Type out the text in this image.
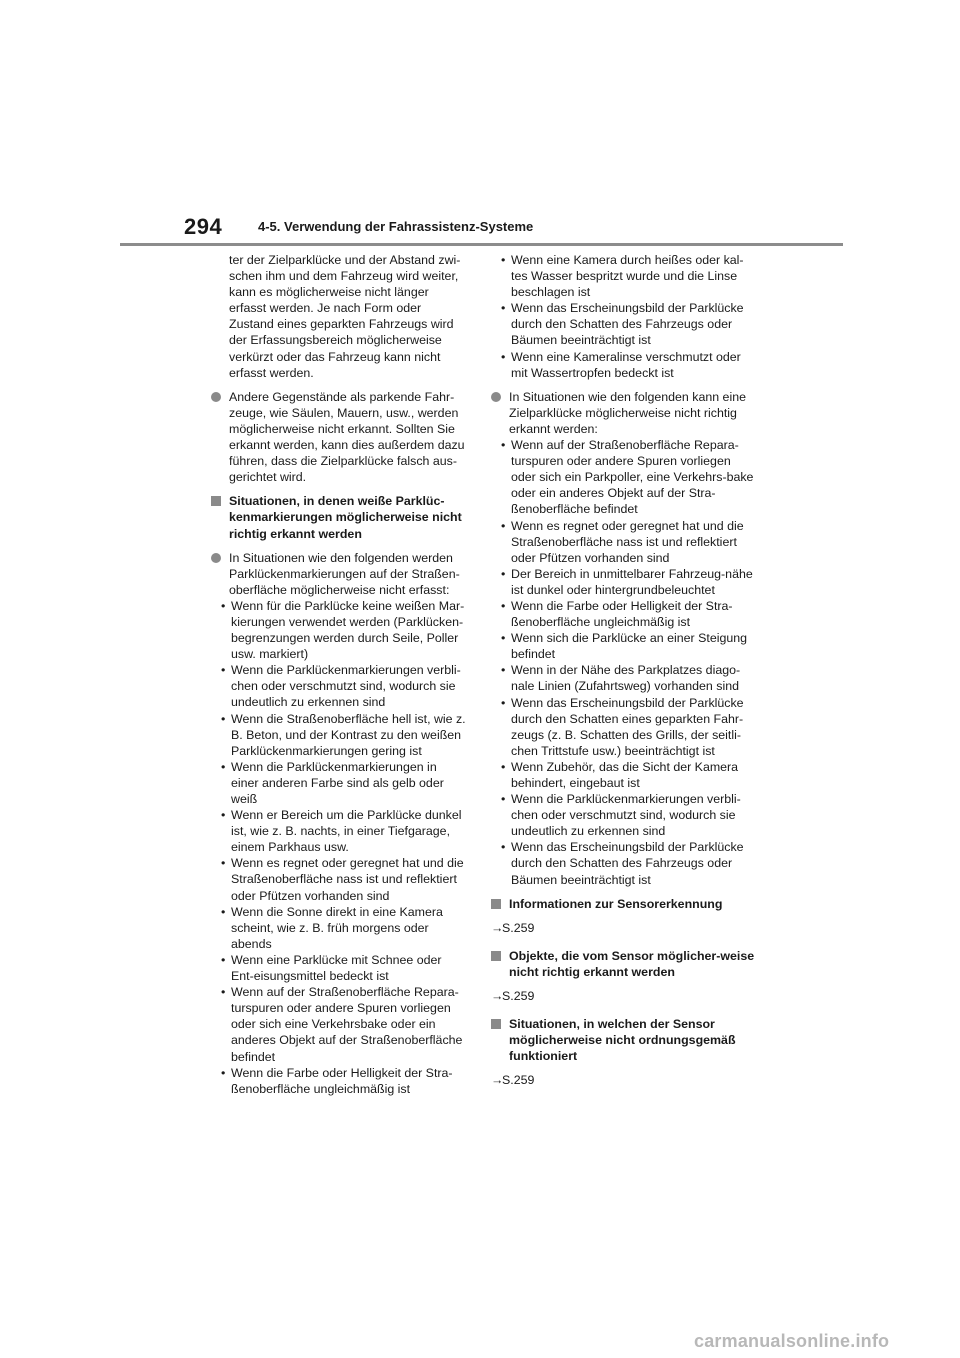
294	4-5. Verwendung der Fahrassistenz-Systeme

ter der Zielparklücke und der Abstand zwi-schen ihm und dem Fahrzeug wird weiter, kann es möglicherweise nicht länger erfasst werden. Je nach Form oder Zustand eines geparkten Fahrzeugs wird der Erfassungsbereich möglicherweise verkürzt oder das Fahrzeug kann nicht erfasst werden.

Andere Gegenstände als parkende Fahr-zeuge, wie Säulen, Mauern, usw., werden möglicherweise nicht erkannt. Sollten Sie erkannt werden, kann dies außerdem dazu führen, dass die Zielparklücke falsch aus-gerichtet wird.
Situationen, in denen weiße Parklüc-kenmarkierungen möglicherweise nicht richtig erkannt werden
In Situationen wie den folgenden werden Parklückenmarkierungen auf der Straßen-oberfläche möglicherweise nicht erfasst:
• Wenn für die Parklücke keine weißen Mar-kierungen verwendet werden (Parklücken-begrenzungen werden durch Seile, Poller usw. markiert)
• Wenn die Parklückenmarkierungen verbli-chen oder verschmutzt sind, wodurch sie undeutlich zu erkennen sind
• Wenn die Straßenoberfläche hell ist, wie z. B. Beton, und der Kontrast zu den weißen Parklückenmarkierungen gering ist
• Wenn die Parklückenmarkierungen in einer anderen Farbe sind als gelb oder weiß
• Wenn er Bereich um die Parklücke dunkel ist, wie z. B. nachts, in einer Tiefgarage, einem Parkhaus usw.
• Wenn es regnet oder geregnet hat und die Straßenoberfläche nass ist und reflektiert oder Pfützen vorhanden sind
• Wenn die Sonne direkt in eine Kamera scheint, wie z. B. früh morgens oder abends
• Wenn eine Parklücke mit Schnee oder Ent-eisungsmittel bedeckt ist
• Wenn auf der Straßenoberfläche Repara-turspuren oder andere Spuren vorliegen oder sich eine Verkehrsbake oder ein anderes Objekt auf der Straßenoberfläche befindet
• Wenn die Farbe oder Helligkeit der Stra-ßenoberfläche ungleichmäßig ist
• Wenn eine Kamera durch heißes oder kal-tes Wasser bespritzt wurde und die Linse beschlagen ist
• Wenn das Erscheinungsbild der Parklücke durch den Schatten des Fahrzeugs oder Bäumen beeinträchtigt ist
• Wenn eine Kameralinse verschmutzt oder mit Wassertropfen bedeckt ist
In Situationen wie den folgenden kann eine Zielparklücke möglicherweise nicht richtig erkannt werden:
• Wenn auf der Straßenoberfläche Repara-turspuren oder andere Spuren vorliegen oder sich ein Parkpoller, eine Verkehrs-bake oder ein anderes Objekt auf der Stra-ßenoberfläche befindet
• Wenn es regnet oder geregnet hat und die Straßenoberfläche nass ist und reflektiert oder Pfützen vorhanden sind
• Der Bereich in unmittelbarer Fahrzeug-nähe ist dunkel oder hintergrundbeleuchtet
• Wenn die Farbe oder Helligkeit der Stra-ßenoberfläche ungleichmäßig ist
• Wenn sich die Parklücke an einer Steigung befindet
• Wenn in der Nähe des Parkplatzes diago-nale Linien (Zufahrtsweg) vorhanden sind
• Wenn das Erscheinungsbild der Parklücke durch den Schatten eines geparkten Fahr-zeugs (z. B. Schatten des Grills, der seitli-chen Trittstufe usw.) beeinträchtigt ist
• Wenn Zubehör, das die Sicht der Kamera behindert, eingebaut ist
• Wenn die Parklückenmarkierungen verbli-chen oder verschmutzt sind, wodurch sie undeutlich zu erkennen sind
• Wenn das Erscheinungsbild der Parklücke durch den Schatten des Fahrzeugs oder Bäumen beeinträchtigt ist
Informationen zur Sensorerkennung

→S.259

Objekte, die vom Sensor möglicher-weise nicht richtig erkannt werden

→S.259

Situationen, in welchen der Sensor möglicherweise nicht ordnungsgemäß funktioniert

→S.259

carmanualsonline.info
